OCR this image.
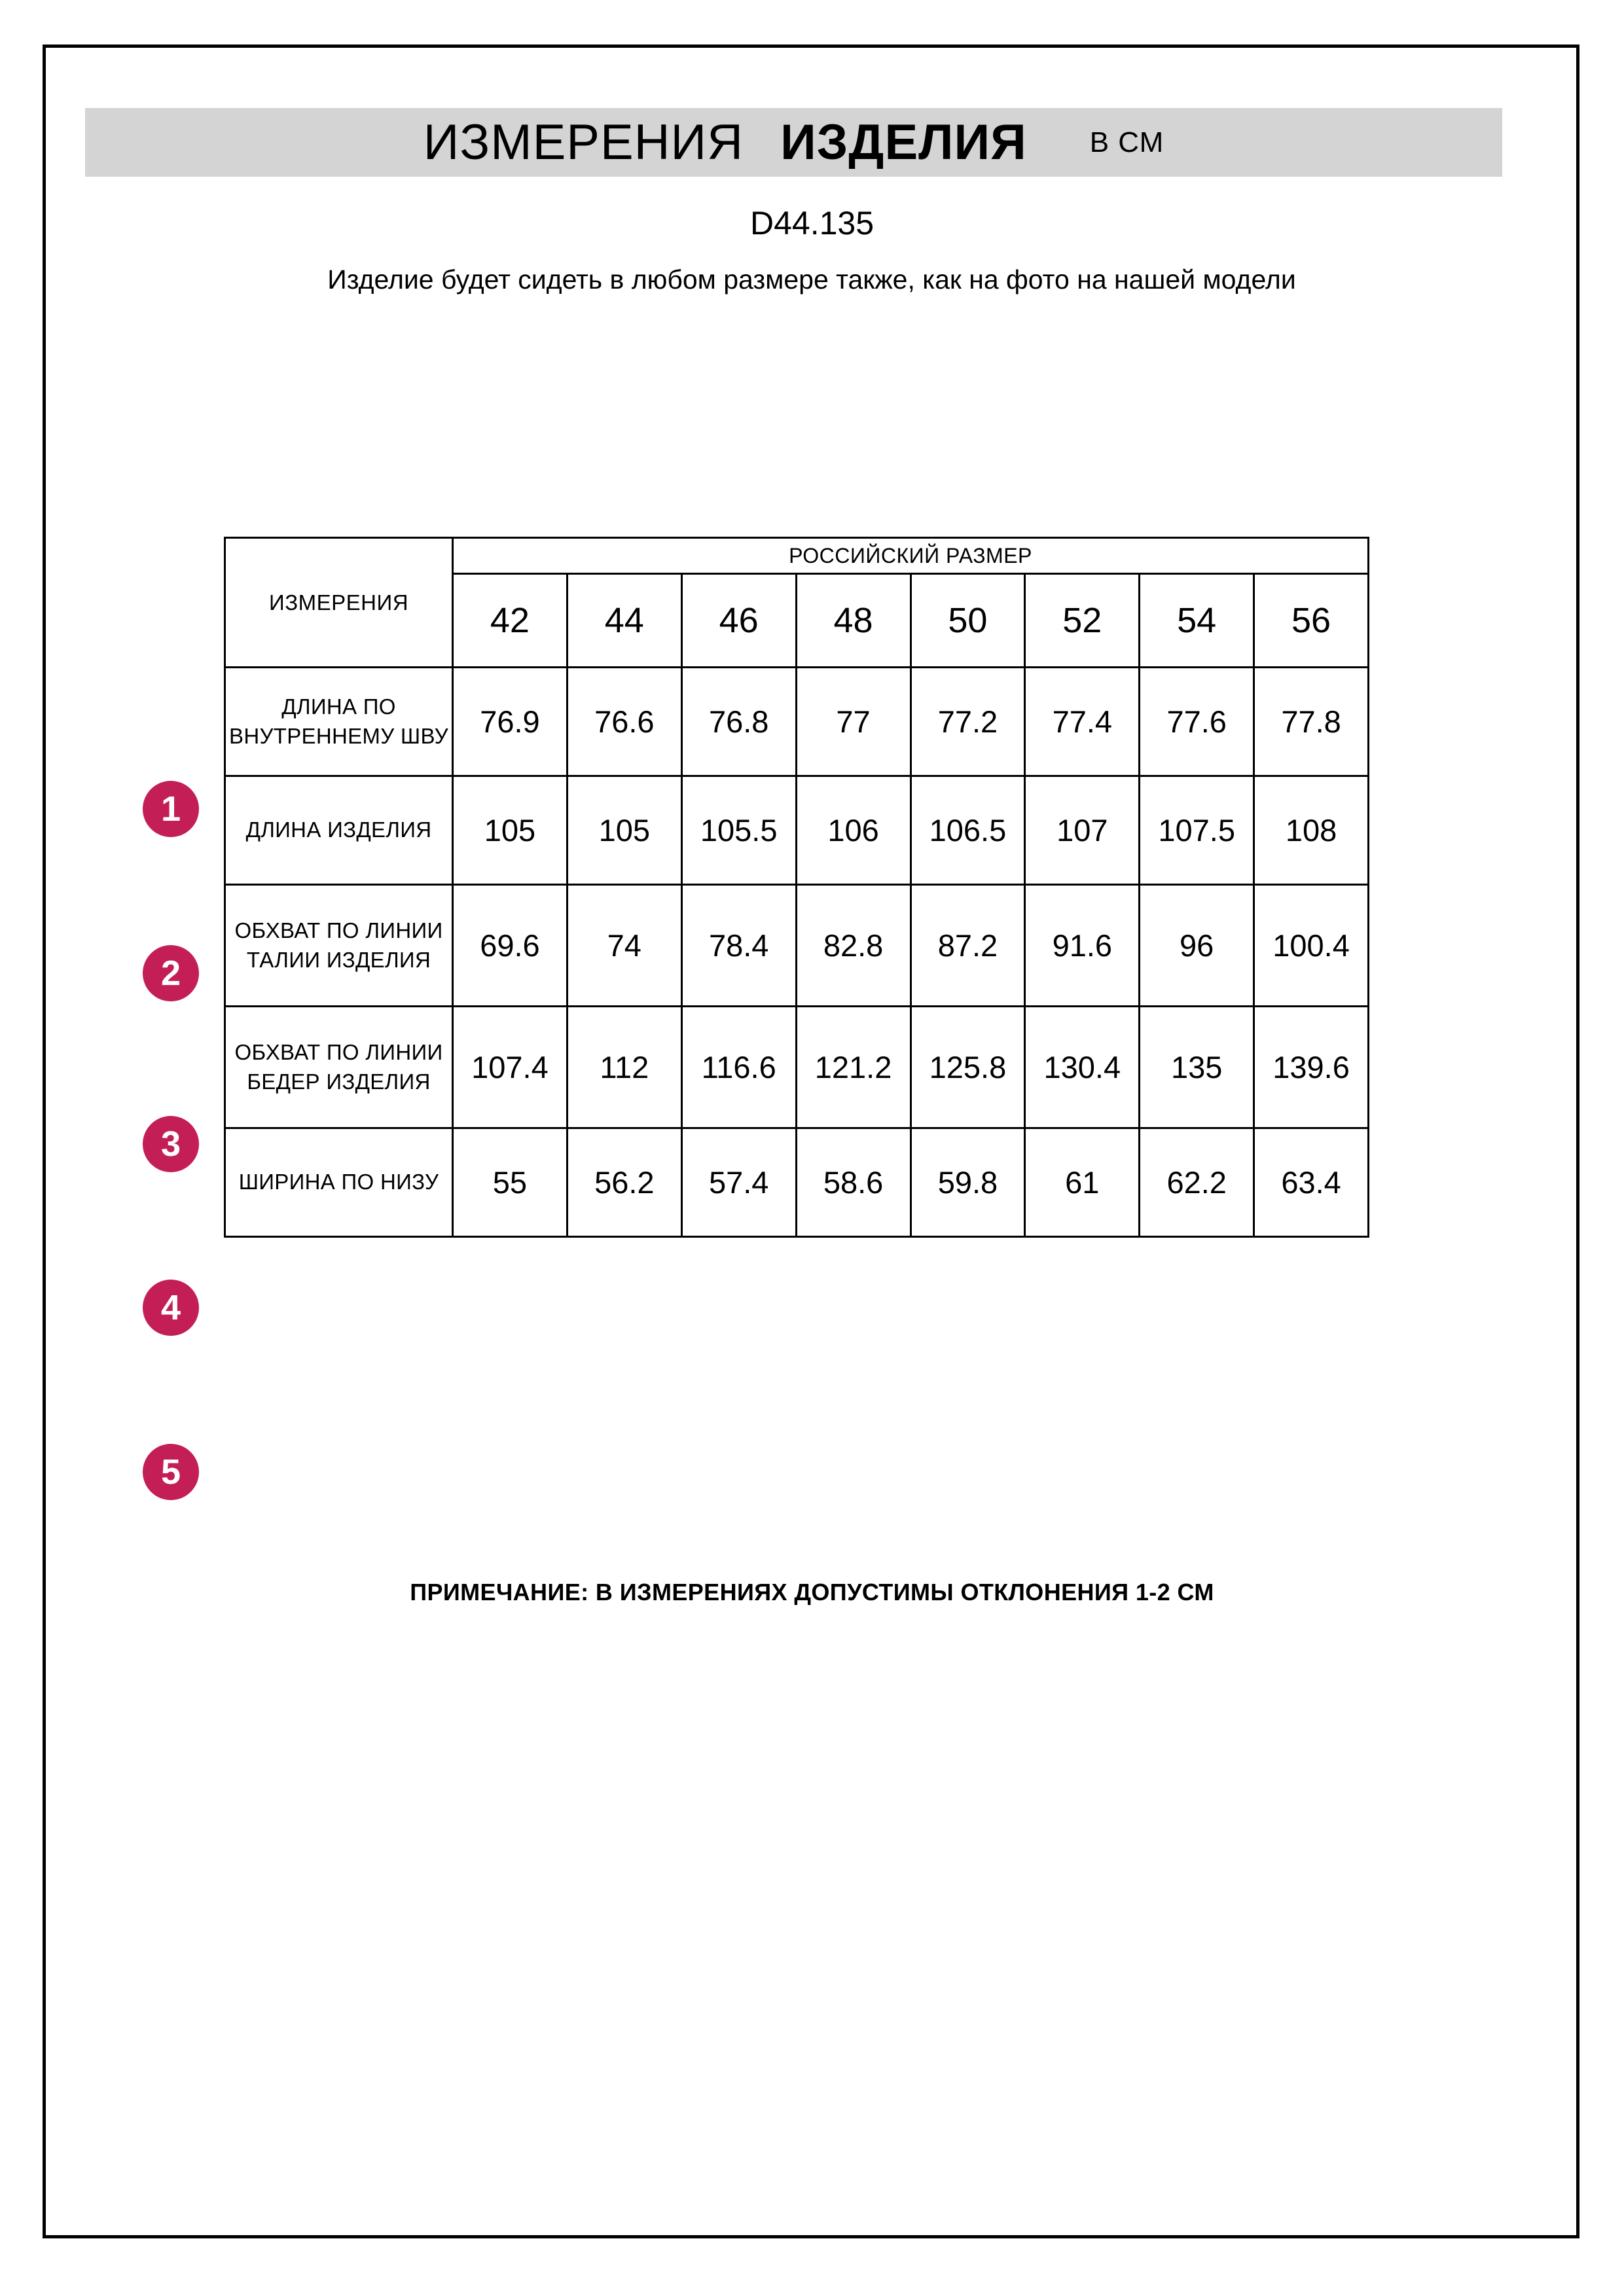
ИЗМЕРЕНИЯ ИЗДЕЛИЯ В СМ
D44.135
Изделие будет сидеть в любом размере также, как на фото на нашей модели
ИЗМЕРЕНИЯ	РОССИЙСКИЙ РАЗМЕР							
	42	44	46	48	50	52	54	56
ДЛИНА ПО ВНУТРЕННЕМУ ШВУ	76.9	76.6	76.8	77	77.2	77.4	77.6	77.8
ДЛИНА ИЗДЕЛИЯ	105	105	105.5	106	106.5	107	107.5	108
ОБХВАТ ПО ЛИНИИ ТАЛИИ ИЗДЕЛИЯ	69.6	74	78.4	82.8	87.2	91.6	96	100.4
ОБХВАТ ПО ЛИНИИ БЕДЕР ИЗДЕЛИЯ	107.4	112	116.6	121.2	125.8	130.4	135	139.6
ШИРИНА ПО НИЗУ	55	56.2	57.4	58.6	59.8	61	62.2	63.4
1
2
3
4
5
ПРИМЕЧАНИЕ: В ИЗМЕРЕНИЯХ ДОПУСТИМЫ ОТКЛОНЕНИЯ 1-2 СМ
